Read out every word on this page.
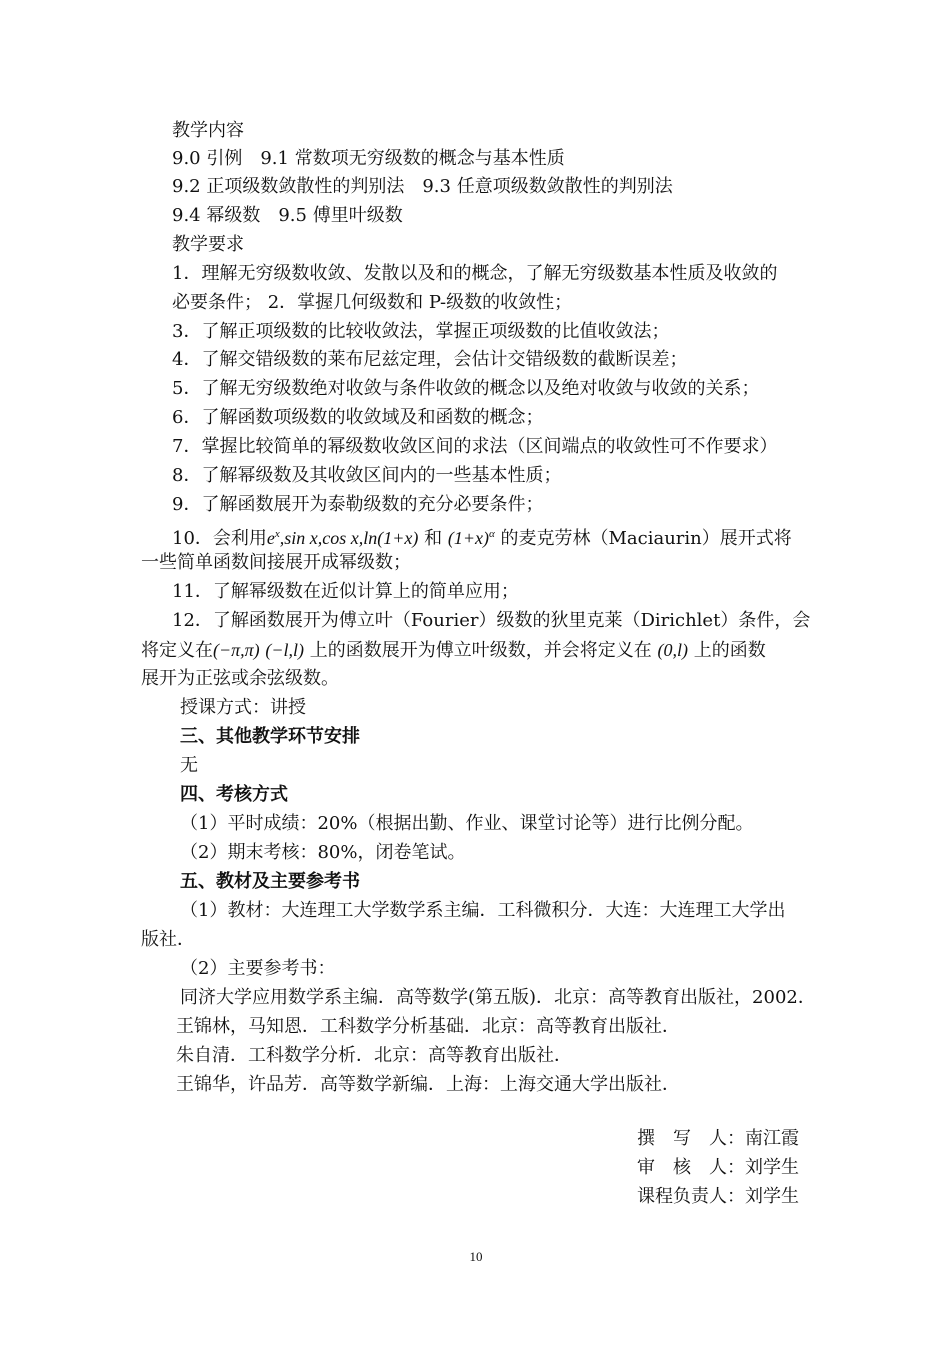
教学内容
9.0 引例　9.1 常数项无穷级数的概念与基本性质
9.2 正项级数敛散性的判别法　9.3 任意项级数敛散性的判别法
9.4 幂级数　9.5 傅里叶级数
教学要求
1．理解无穷级数收敛、发散以及和的概念，了解无穷级数基本性质及收敛的
必要条件； 2．掌握几何级数和 P-级数的收敛性；
3．了解正项级数的比较收敛法，掌握正项级数的比值收敛法；
4．了解交错级数的莱布尼兹定理，会估计交错级数的截断误差；
5．了解无穷级数绝对收敛与条件收敛的概念以及绝对收敛与收敛的关系；
6．了解函数项级数的收敛域及和函数的概念；
7．掌握比较简单的幂级数收敛区间的求法（区间端点的收敛性可不作要求）
8．了解幂级数及其收敛区间内的一些基本性质；
9．了解函数展开为泰勒级数的充分必要条件；
10．会利用$e^x,\sin$ x,cos x,ln(1+x) 和 $(1+x)^\alpha$ 的麦克劳林（Maciaurin）展开式将
一些简单函数间接展开成幂级数；
11．了解幂级数在近似计算上的简单应用；
12．了解函数展开为傅立叶（Fourier）级数的狄里克莱（Dirichlet）条件，会
将定义在(−π,π) (−l,l) 上的函数展开为傅立叶级数，并会将定义在 (0,l) 上的函数
展开为正弦或余弦级数。
授课方式：讲授
三、其他教学环节安排
无
四、考核方式
（1）平时成绩：20%（根据出勤、作业、课堂讨论等）进行比例分配。
（2）期末考核：80%，闭卷笔试。
五、教材及主要参考书
（1）教材：大连理工大学数学系主编．工科微积分．大连：大连理工大学出
版社．
（2）主要参考书：
同济大学应用数学系主编．高等数学(第五版)．北京：高等教育出版社，2002．
王锦林，马知恩．工科数学分析基础．北京：高等教育出版社．
朱自清．工科数学分析．北京：高等教育出版社．
王锦华，许品芳．高等数学新编．上海：上海交通大学出版社．
撰　写　人：南江霞
审　核　人：刘学生
课程负责人：刘学生
10
